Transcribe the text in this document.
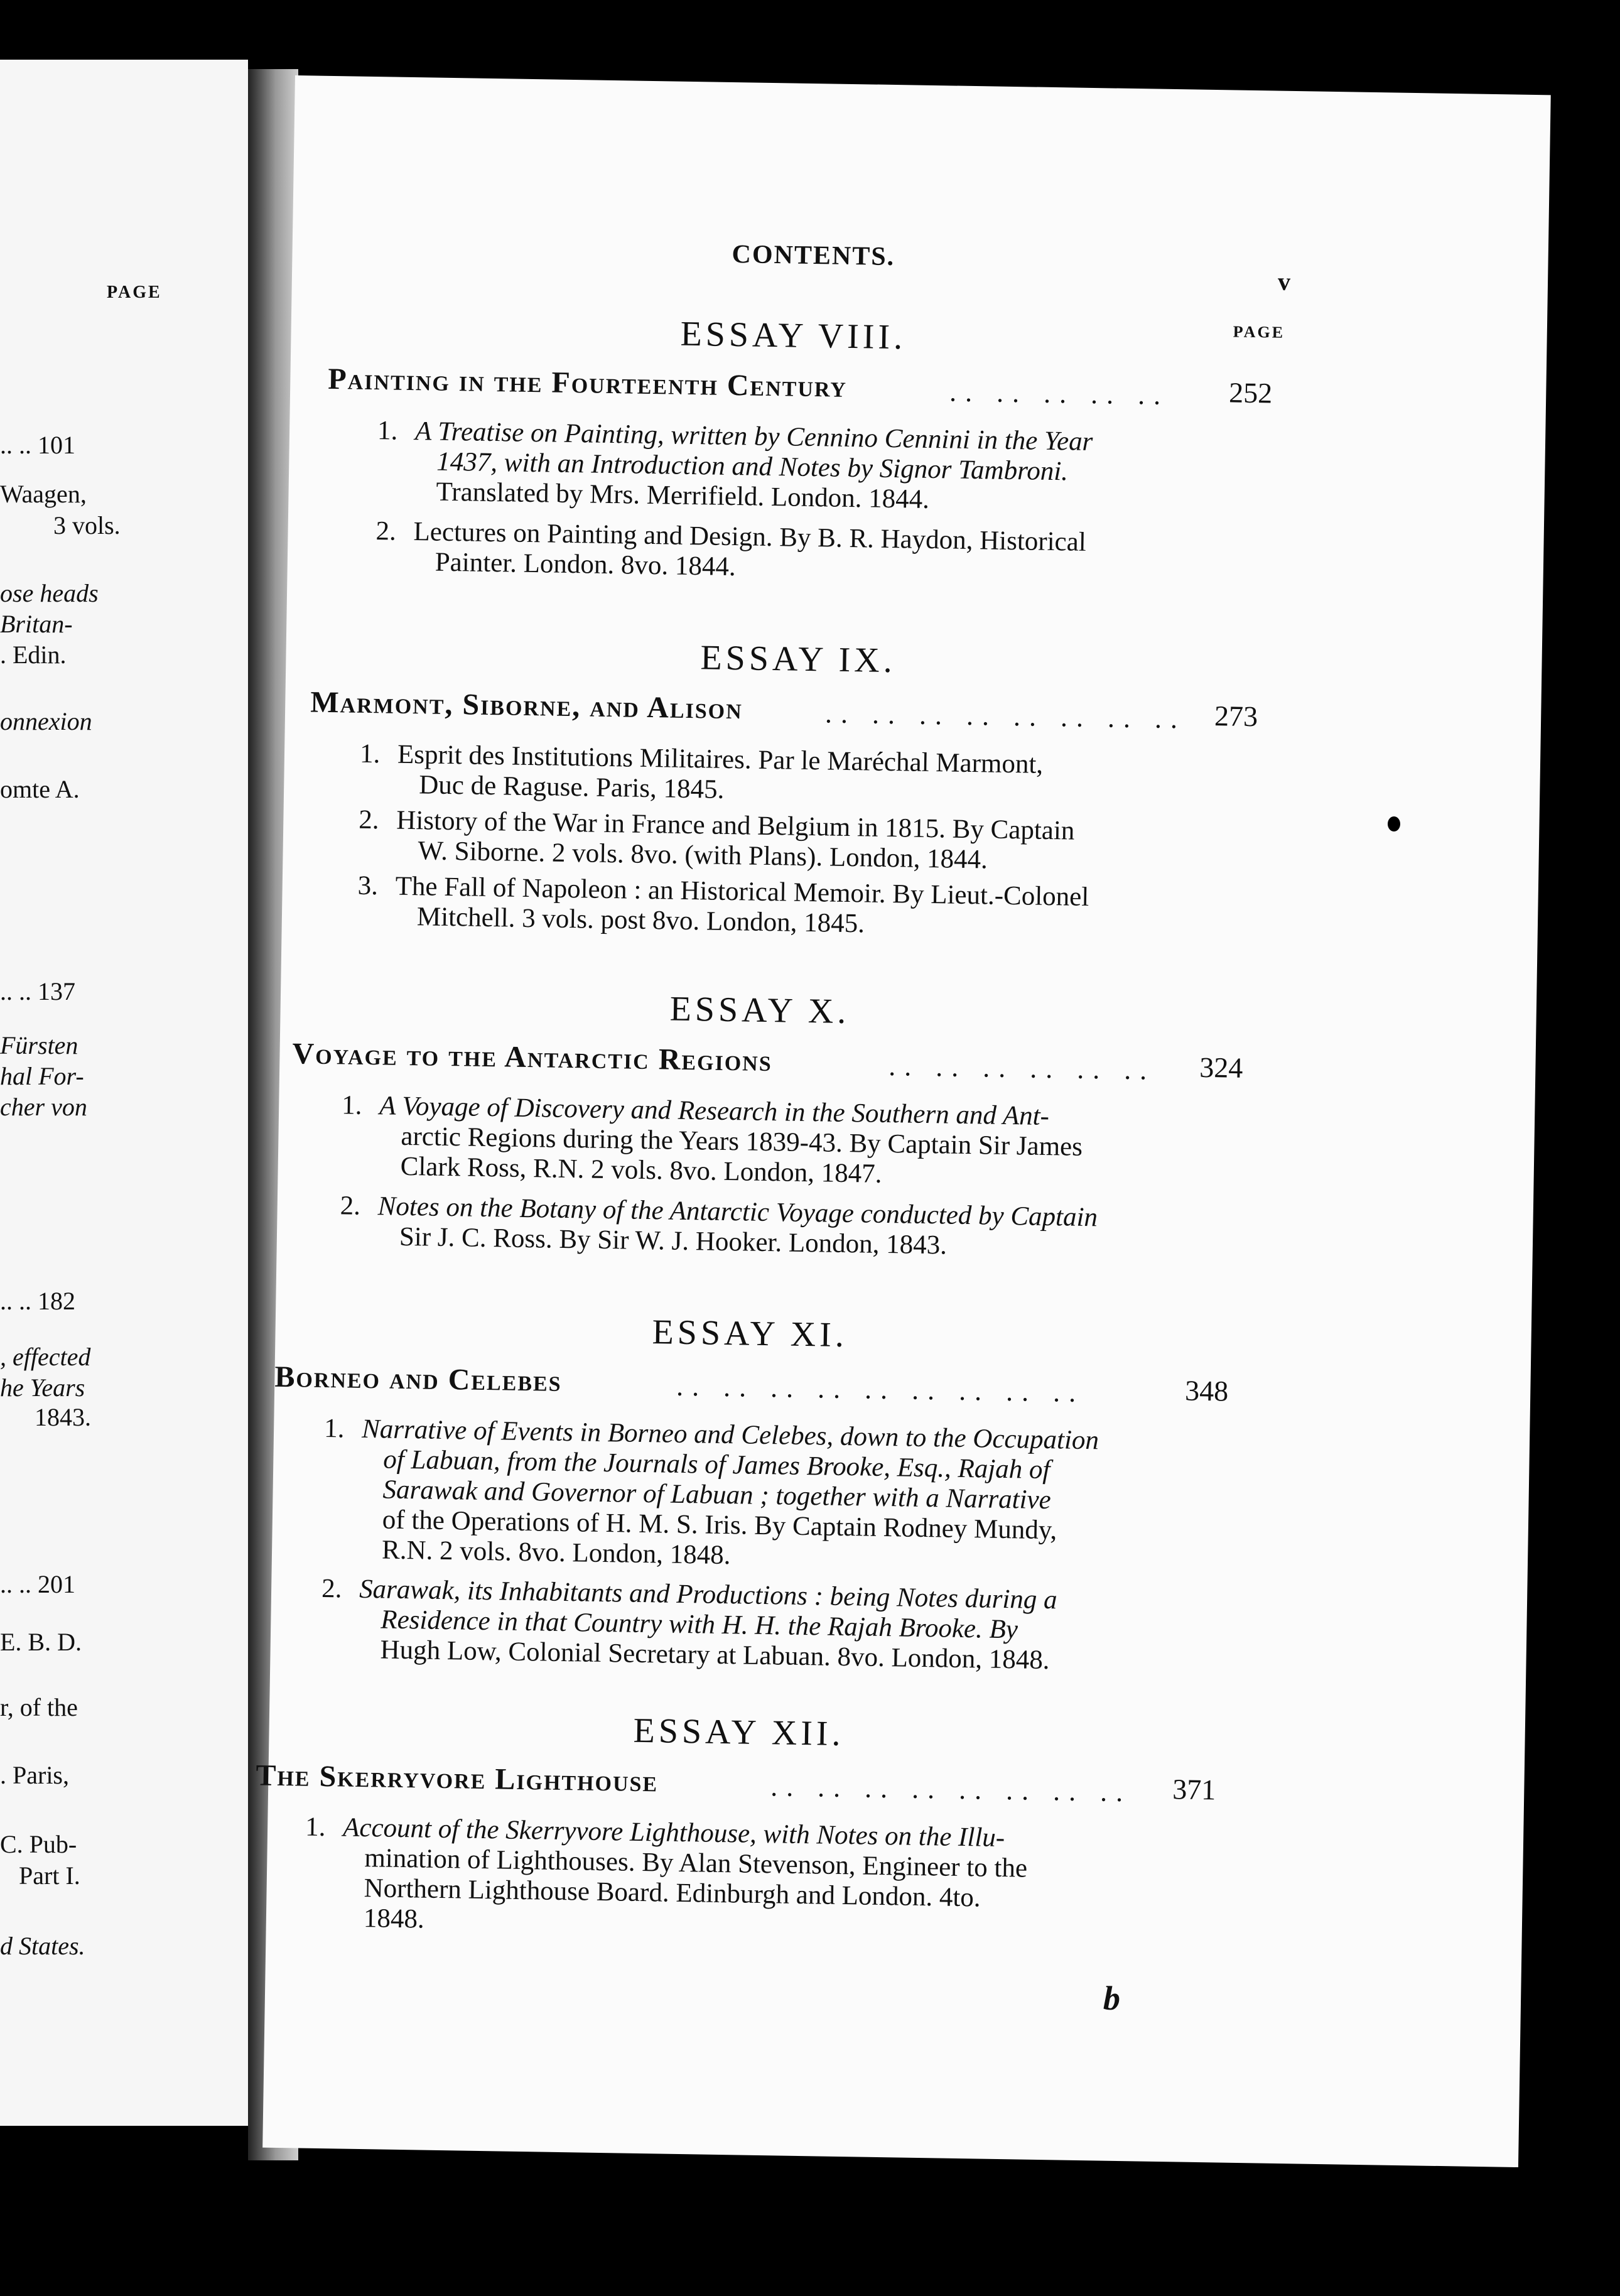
PAGE
.. .. 101
Waagen,
3 vols.
ose heads
Britan-
. Edin.
onnexion
omte A.
.. .. 137
Fürsten
hal For-
cher von
.. .. 182
, effected
he Years
1843.
.. .. 201
E. B. D.
r, of the
. Paris,
C. Pub-
Part I.
d States.
CONTENTS.
v
PAGE
ESSAY VIII.
Painting in the Fourteenth Century	.. .. .. .. .. 252
1. A Treatise on Painting, written by Cennino Cennini in the Year
1437, with an Introduction and Notes by Signor Tambroni.
Translated by Mrs. Merrifield. London. 1844.
2. Lectures on Painting and Design. By B. R. Haydon, Historical
Painter. London. 8vo. 1844.
ESSAY IX.
Marmont, Siborne, and Alison	.. .. .. .. .. .. .. .. 273
1. Esprit des Institutions Militaires. Par le Maréchal Marmont,
Duc de Raguse. Paris, 1845.
2. History of the War in France and Belgium in 1815. By Captain
W. Siborne. 2 vols. 8vo. (with Plans). London, 1844.
3. The Fall of Napoleon : an Historical Memoir. By Lieut.-Colonel
Mitchell. 3 vols. post 8vo. London, 1845.
ESSAY X.
Voyage to the Antarctic Regions	.. .. .. .. .. .. 324
1. A Voyage of Discovery and Research in the Southern and Ant-
arctic Regions during the Years 1839-43. By Captain Sir James
Clark Ross, R.N. 2 vols. 8vo. London, 1847.
2. Notes on the Botany of the Antarctic Voyage conducted by Captain
Sir J. C. Ross. By Sir W. J. Hooker. London, 1843.
ESSAY XI.
Borneo and Celebes	.. .. .. .. .. .. .. .. ..	348
1. Narrative of Events in Borneo and Celebes, down to the Occupation
of Labuan, from the Journals of James Brooke, Esq., Rajah of
Sarawak and Governor of Labuan ; together with a Narrative
of the Operations of H. M. S. Iris. By Captain Rodney Mundy,
R.N. 2 vols. 8vo. London, 1848.
2. Sarawak, its Inhabitants and Productions : being Notes during a
Residence in that Country with H. H. the Rajah Brooke. By
Hugh Low, Colonial Secretary at Labuan. 8vo. London, 1848.
ESSAY XII.
The Skerryvore Lighthouse	.. .. .. .. .. .. .. .. 371
1. Account of the Skerryvore Lighthouse, with Notes on the Illu-
mination of Lighthouses. By Alan Stevenson, Engineer to the
Northern Lighthouse Board. Edinburgh and London. 4to.
1848.
b
